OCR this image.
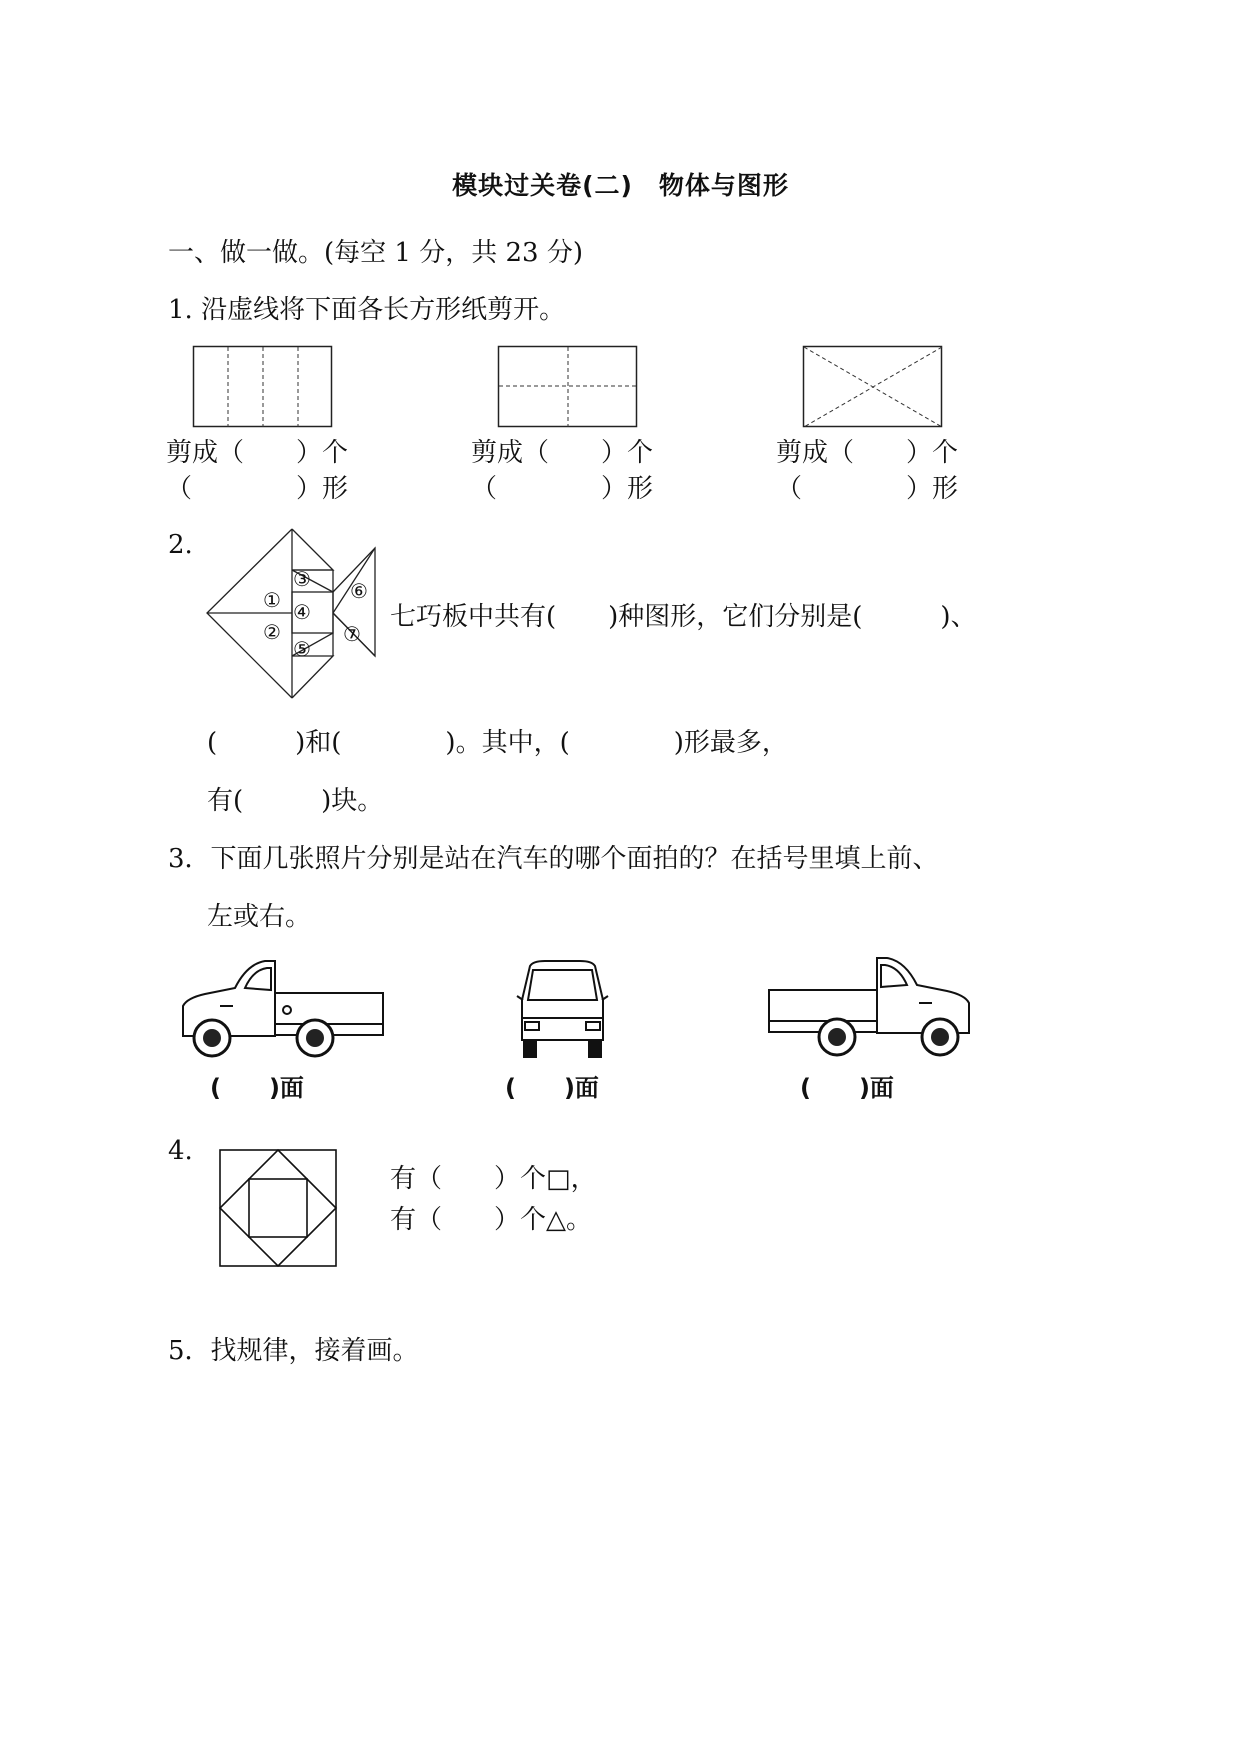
模块过关卷(二)　物体与图形
一、做一做。(每空 1 分，共 23 分)
1. 沿虚线将下面各长方形纸剪开。
剪成（　　）个
（　　　　）形
剪成（　　）个
（　　　　）形
剪成（　　）个
（　　　　）形
2.
①
②
③
④
⑤
⑥
⑦
七巧板中共有(　　)种图形，它们分别是(　　　)、
(　　　)和(　　　　)。其中，(　　　　)形最多，
有(　　　)块。
3．下面几张照片分别是站在汽车的哪个面拍的？在括号里填上前、
左或右。
(　　)面	(　　)面	(　　)面
4.
有（　　）个□，
有（　　）个△。
5．找规律，接着画。
